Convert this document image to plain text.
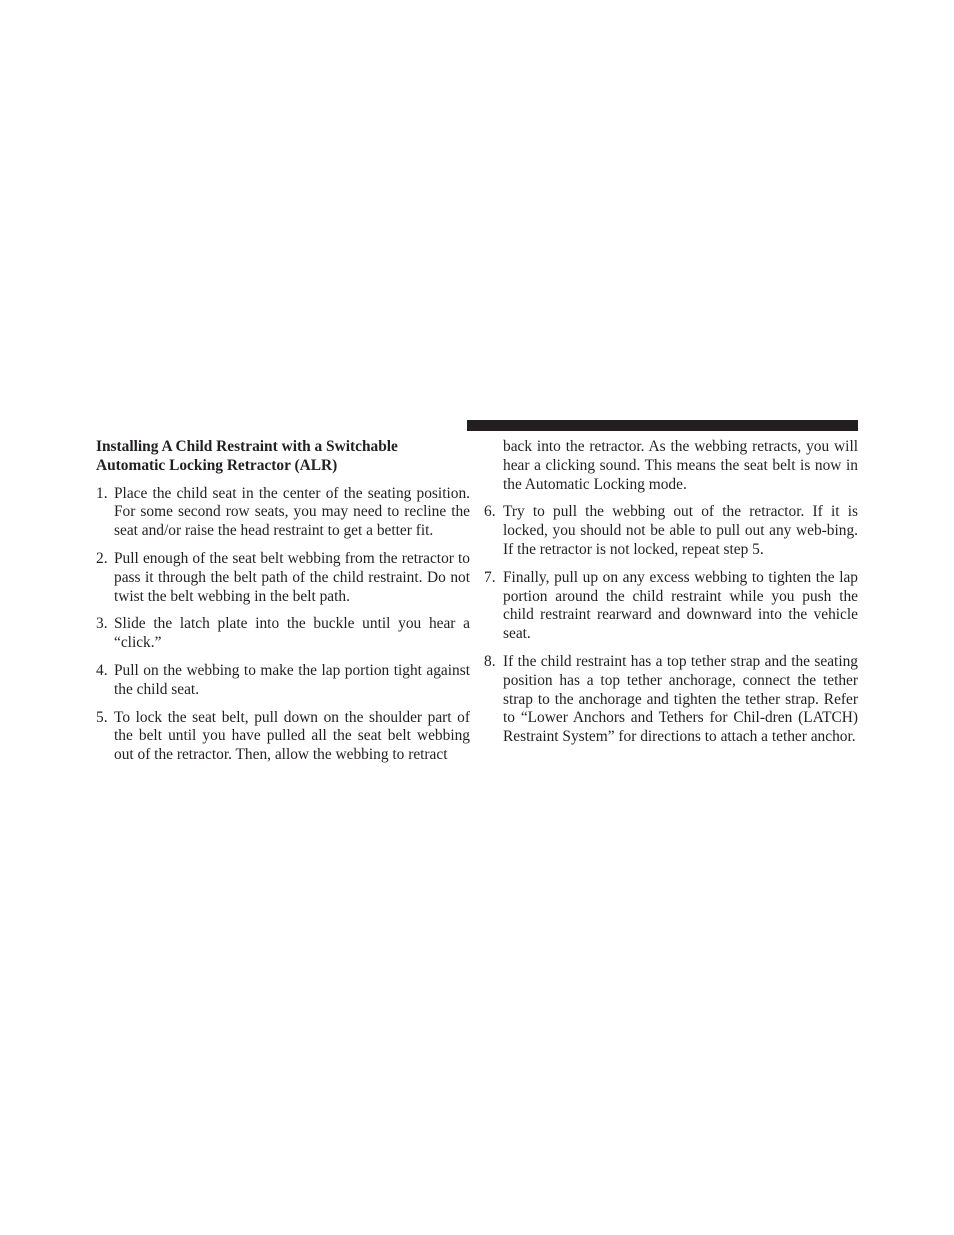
Installing A Child Restraint with a Switchable Automatic Locking Retractor (ALR)
1. Place the child seat in the center of the seating position. For some second row seats, you may need to recline the seat and/or raise the head restraint to get a better fit.
2. Pull enough of the seat belt webbing from the retractor to pass it through the belt path of the child restraint. Do not twist the belt webbing in the belt path.
3. Slide the latch plate into the buckle until you hear a “click.”
4. Pull on the webbing to make the lap portion tight against the child seat.
5. To lock the seat belt, pull down on the shoulder part of the belt until you have pulled all the seat belt webbing out of the retractor. Then, allow the webbing to retract
back into the retractor. As the webbing retracts, you will hear a clicking sound. This means the seat belt is now in the Automatic Locking mode.
6. Try to pull the webbing out of the retractor. If it is locked, you should not be able to pull out any web-bing. If the retractor is not locked, repeat step 5.
7. Finally, pull up on any excess webbing to tighten the lap portion around the child restraint while you push the child restraint rearward and downward into the vehicle seat.
8. If the child restraint has a top tether strap and the seating position has a top tether anchorage, connect the tether strap to the anchorage and tighten the tether strap. Refer to “Lower Anchors and Tethers for Chil-dren (LATCH) Restraint System” for directions to attach a tether anchor.
